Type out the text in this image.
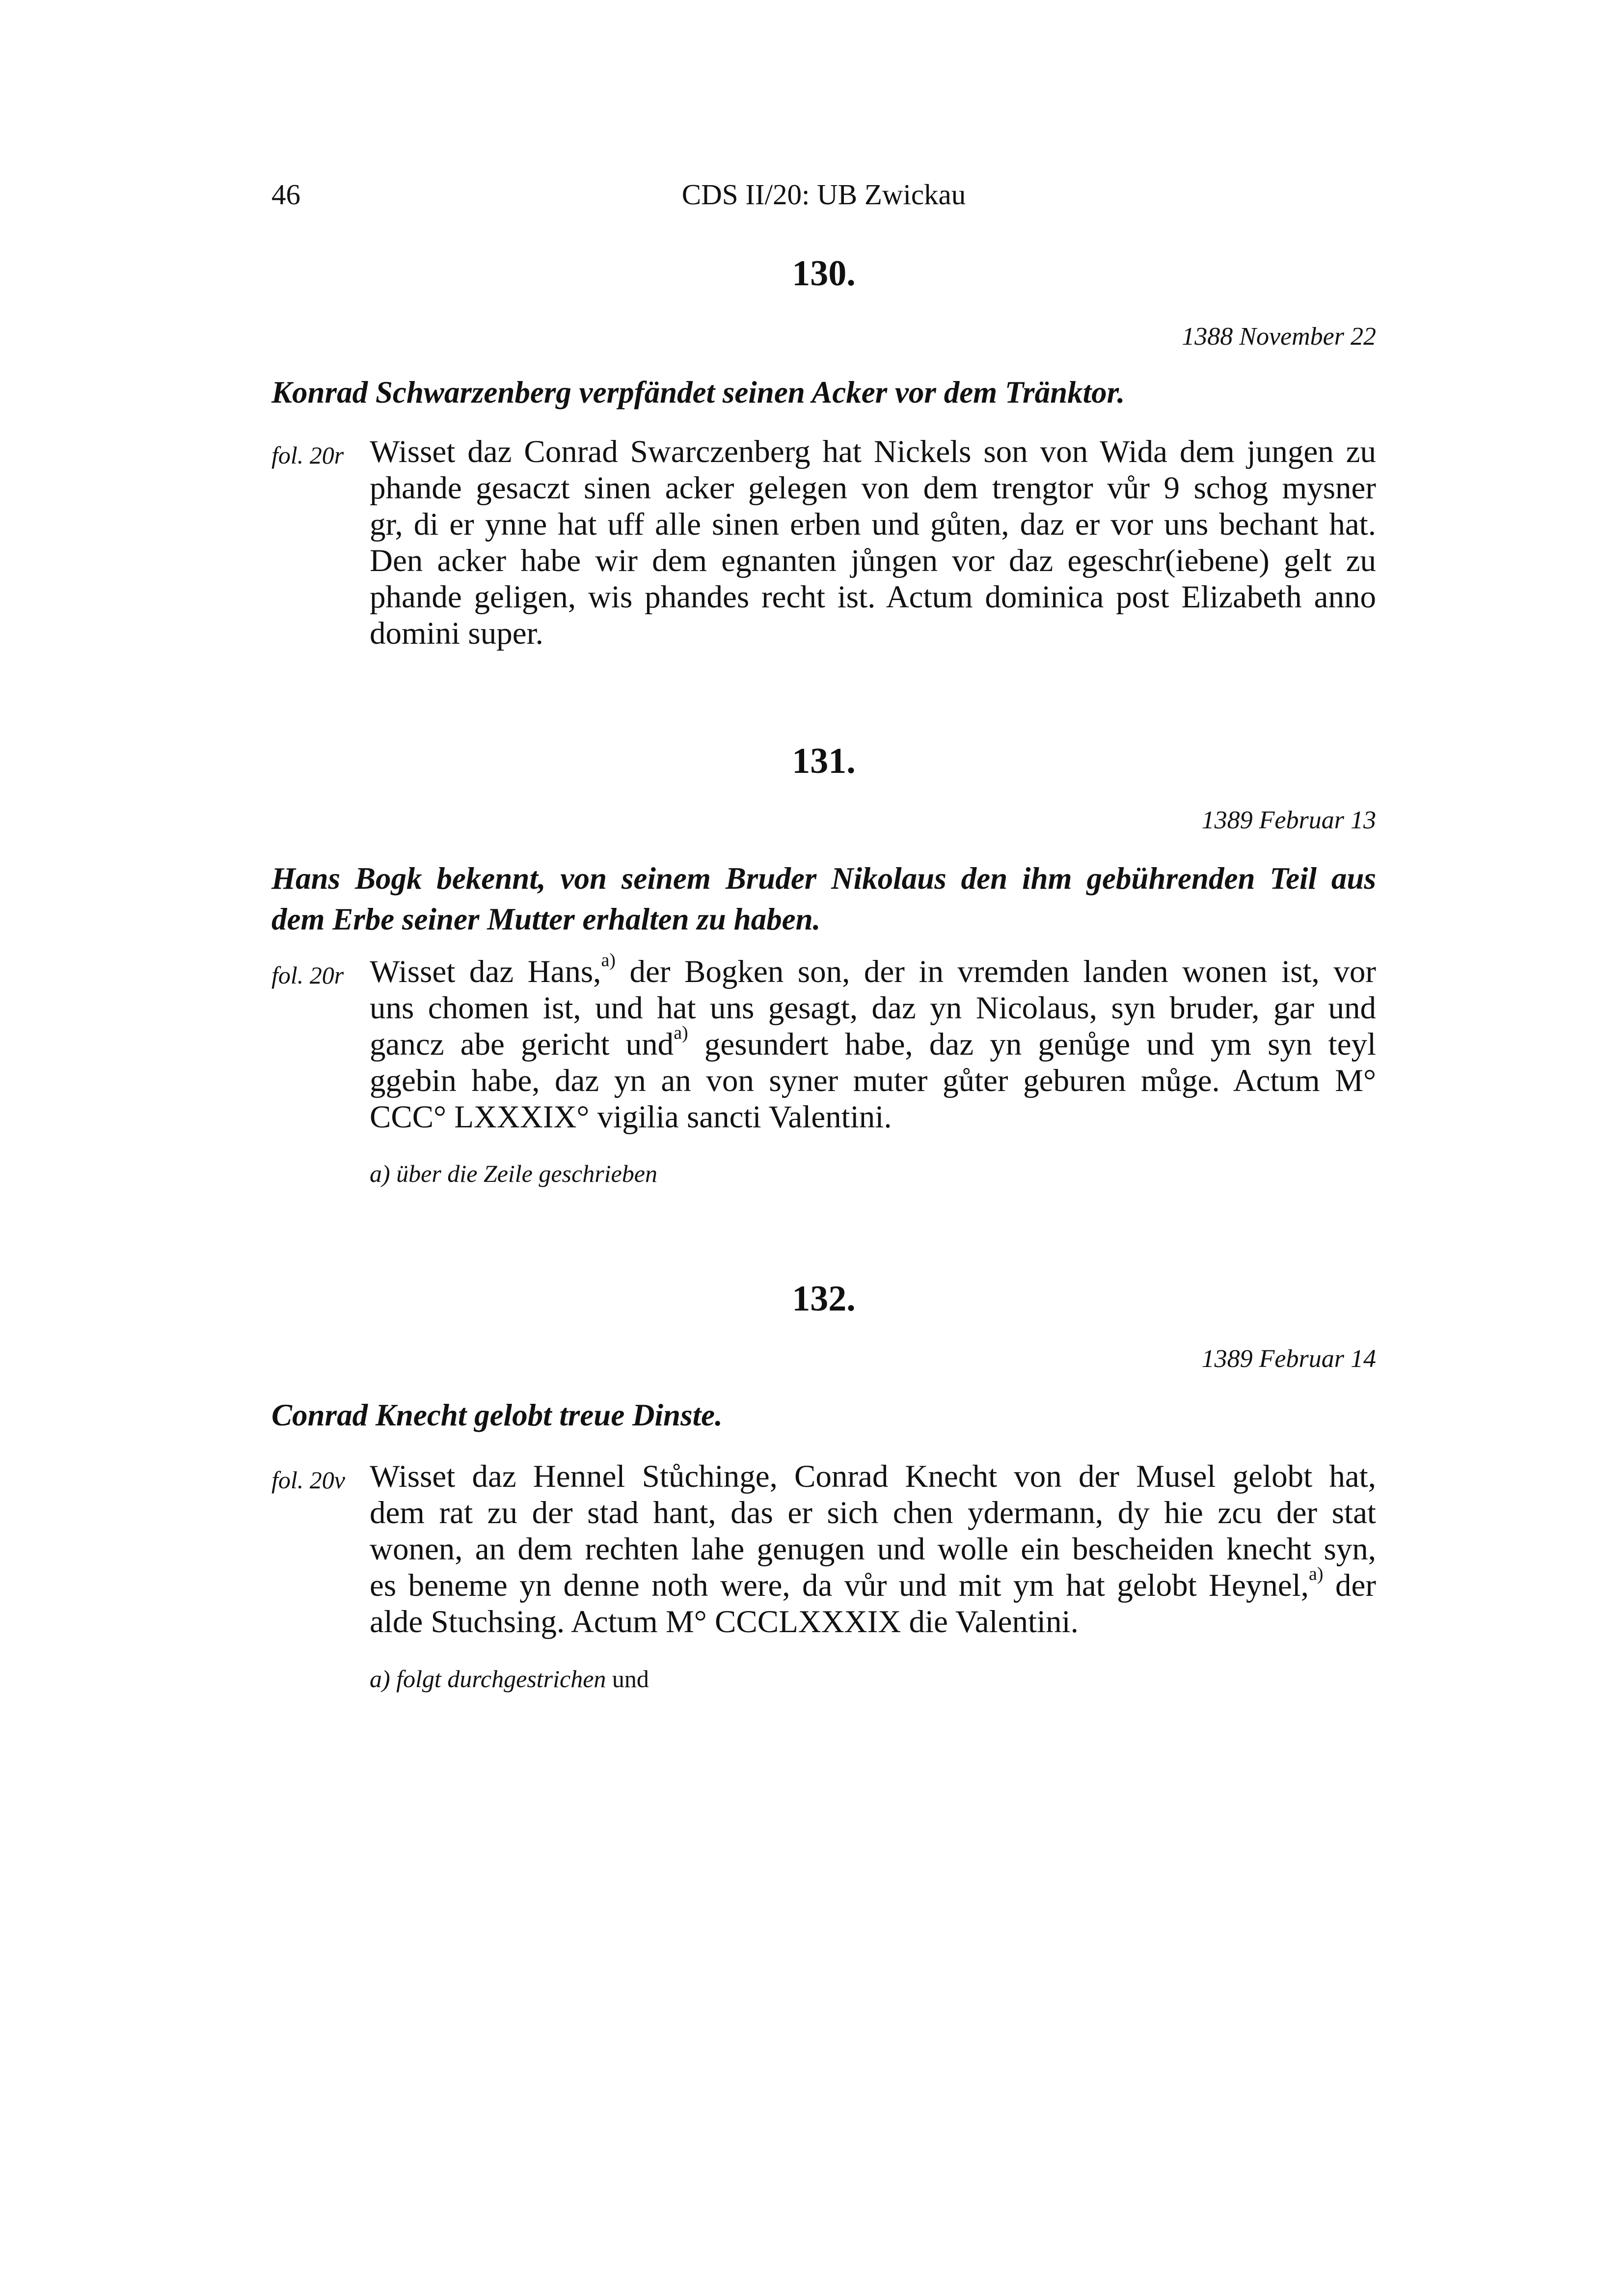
46	CDS II/20: UB Zwickau
130.
1388 November 22
Konrad Schwarzenberg verpfändet seinen Acker vor dem Tränktor.
fol. 20r Wisset daz Conrad Swarczenberg hat Nickels son von Wida dem jungen zu
phande gesaczt sinen acker gelegen von dem trengtor vůr 9 schog mysner
gr, di er ynne hat uff alle sinen erben und gůten, daz er vor uns bechant hat.
Den acker habe wir dem egnanten jůngen vor daz egeschr(iebene) gelt zu
phande geligen, wis phandes recht ist. Actum dominica post Elizabeth anno
domini super.
131.
1389 Februar 13
Hans Bogk bekennt, von seinem Bruder Nikolaus den ihm gebührenden Teil aus
dem Erbe seiner Mutter erhalten zu haben.
fol. 20r Wisset daz Hans,$^{a)}$ der Bogken son, der in vremden landen wonen ist, vor
uns chomen ist, und hat uns gesagt, daz yn Nicolaus, syn bruder, gar und
gancz abe gericht und$^{a)}$ gesundert habe, daz yn genůge und ym syn teyl
ggebin habe, daz yn an von syner muter gůter geburen můge. Actum M°
CCC° LXXXIX° vigilia sancti Valentini.
a) über die Zeile geschrieben
132.
1389 Februar 14
Conrad Knecht gelobt treue Dinste.
fol. 20v Wisset daz Hennel Stůchinge, Conrad Knecht von der Musel gelobt hat,
dem rat zu der stad hant, das er sich chen ydermann, dy hie zcu der stat
wonen, an dem rechten lahe genugen und wolle ein bescheiden knecht syn,
es beneme yn denne noth were, da vůr und mit ym hat gelobt Heynel,$^{a)}$ der
alde Stuchsing. Actum M° CCCLXXXIX die Valentini.
a) folgt durchgestrichen und
